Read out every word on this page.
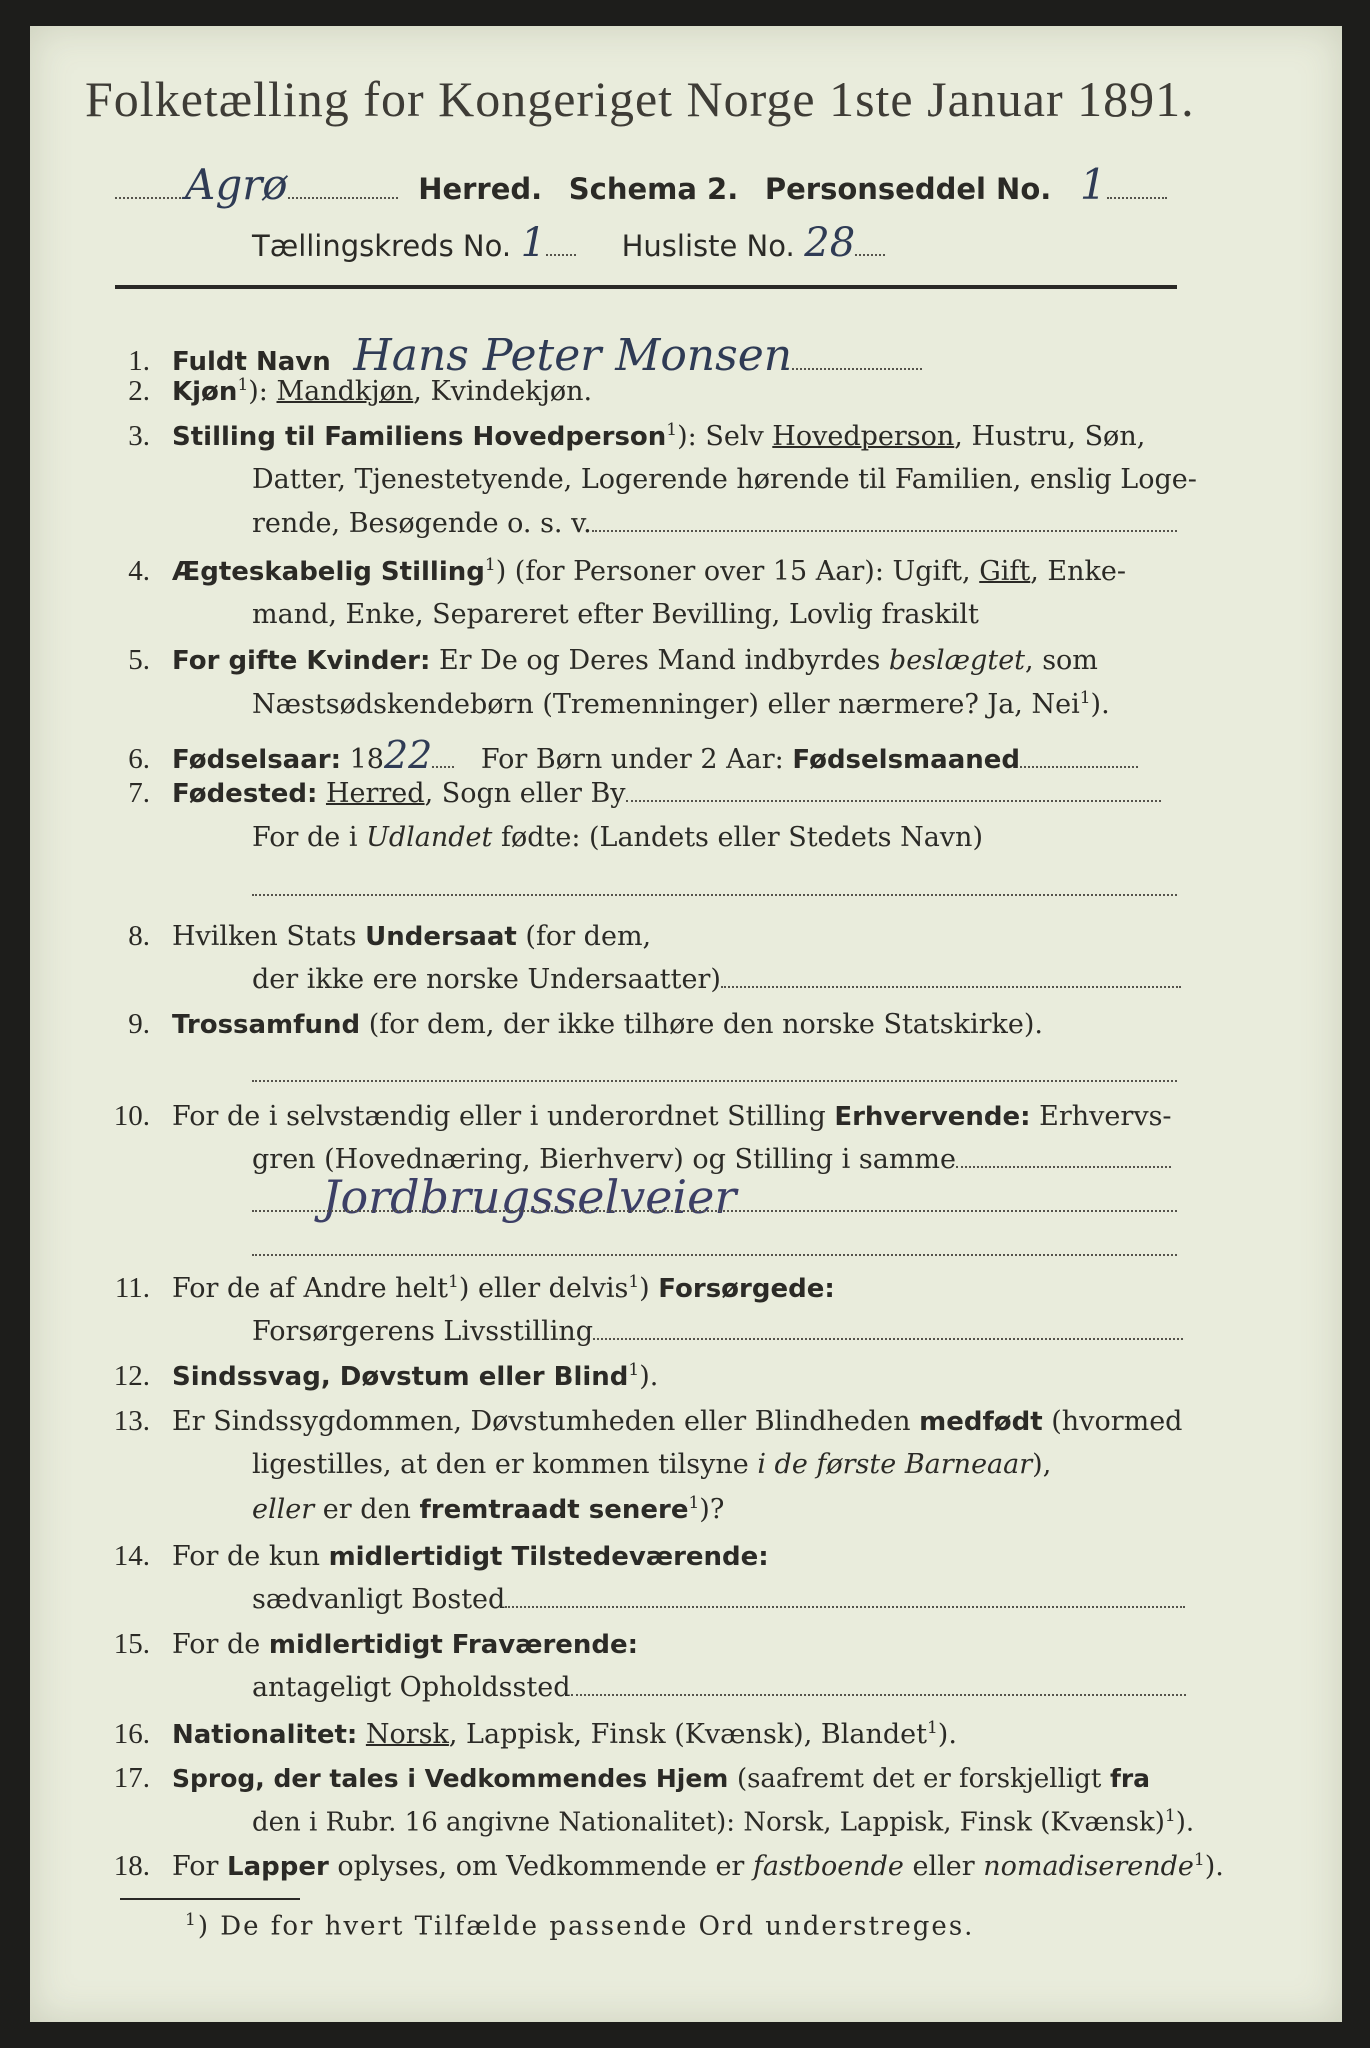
Folketælling for Kongeriget Norge 1ste Januar 1891.
Agrø	Herred. Schema 2. Personseddel No. 1
Tællingskreds No. 1	Husliste No. 28
1. Fuldt Navn Hans Peter Monsen
2. Kjøn$^1$): Mandkjøn, Kvindekjøn.
3. Stilling til Familiens Hovedperson$^1$): Selv Hovedperson, Hustru, Søn,
Datter, Tjenestetyende, Logerende hørende til Familien, enslig Loge-
rende, Besøgende o. s. v.
4. Ægteskabelig Stilling$^1$) (for Personer over 15 Aar): Ugift, Gift, Enke-
mand, Enke, Separeret efter Bevilling, Lovlig fraskilt
5. For gifte Kvinder: Er De og Deres Mand indbyrdes beslægtet, som
Næstsødskendebørn (Tremenninger) eller nærmere? Ja, Nei$^1$).
6. Fødselsaar: 1822 For Børn under 2 Aar: Fødselsmaaned
7. Fødested: Herred, Sogn eller By
For de i Udlandet fødte: (Landets eller Stedets Navn)
8. Hvilken Stats Undersaat (for dem,
der ikke ere norske Undersaatter)
9. Trossamfund (for dem, der ikke tilhøre den norske Statskirke).
10. For de i selvstændig eller i underordnet Stilling Erhvervende: Erhvervs-
gren (Hovednæring, Bierhverv) og Stilling i samme
Jordbrugsselveier
11. For de af Andre helt$^1$) eller delvis$^1$) Forsørgede:
Forsørgerens Livsstilling
12. Sindssvag, Døvstum eller Blind$^1$).
13. Er Sindssygdommen, Døvstumheden eller Blindheden medfødt (hvormed
ligestilles, at den er kommen tilsyne i de første Barneaar),
eller er den fremtraadt senere$^1$)?
14. For de kun midlertidigt Tilstedeværende:
sædvanligt Bosted
15. For de midlertidigt Fraværende:
antageligt Opholdssted
16. Nationalitet: Norsk, Lappisk, Finsk (Kvænsk), Blandet$^1$).
17. Sprog, der tales i Vedkommendes Hjem (saafremt det er forskjelligt fra
den i Rubr. 16 angivne Nationalitet): Norsk, Lappisk, Finsk (Kvænsk)$^1$).
18. For Lapper oplyses, om Vedkommende er fastboende eller nomadiserende$^1$).
$^1$) De for hvert Tilfælde passende Ord understreges.
